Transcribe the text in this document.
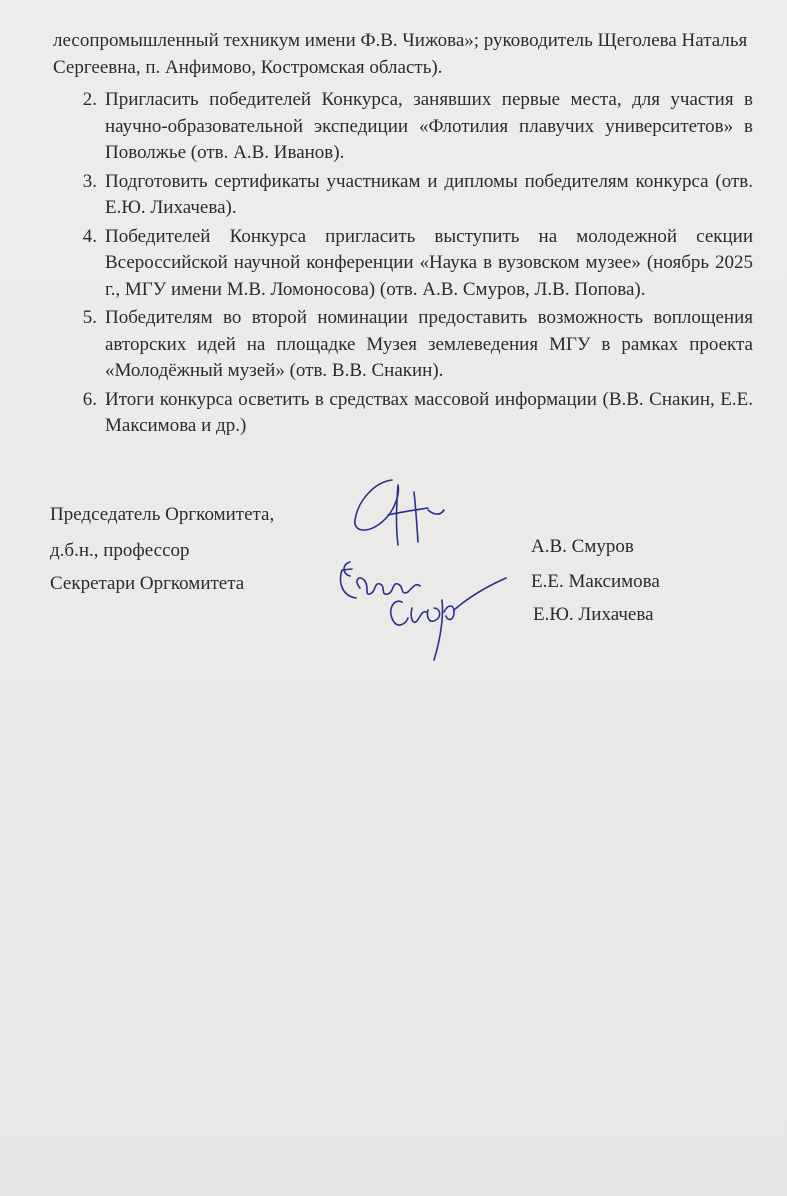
лесопромышленный техникум имени Ф.В. Чижова»; руководитель Щеголева Наталья Сергеевна, п. Анфимово, Костромская область).

2. Пригласить победителей Конкурса, занявших первые места, для участия в научно-образовательной экспедиции «Флотилия плавучих университетов» в Поволжье (отв. А.В. Иванов).
3. Подготовить сертификаты участникам и дипломы победителям конкурса (отв. Е.Ю. Лихачева).
4. Победителей Конкурса пригласить выступить на молодежной секции Всероссийской научной конференции «Наука в вузовском музее» (ноябрь 2025 г., МГУ имени М.В. Ломоносова) (отв. А.В. Смуров, Л.В. Попова).
5. Победителям во второй номинации предоставить возможность воплощения авторских идей на площадке Музея землеведения МГУ в рамках проекта «Молодёжный музей» (отв. В.В. Снакин).
6. Итоги конкурса осветить в средствах массовой информации (В.В. Снакин, Е.Е. Максимова и др.)
Председатель Оргкомитета,
д.б.н., профессор
Секретари Оргкомитета
А.В. Смуров
Е.Е. Максимова
Е.Ю. Лихачева
